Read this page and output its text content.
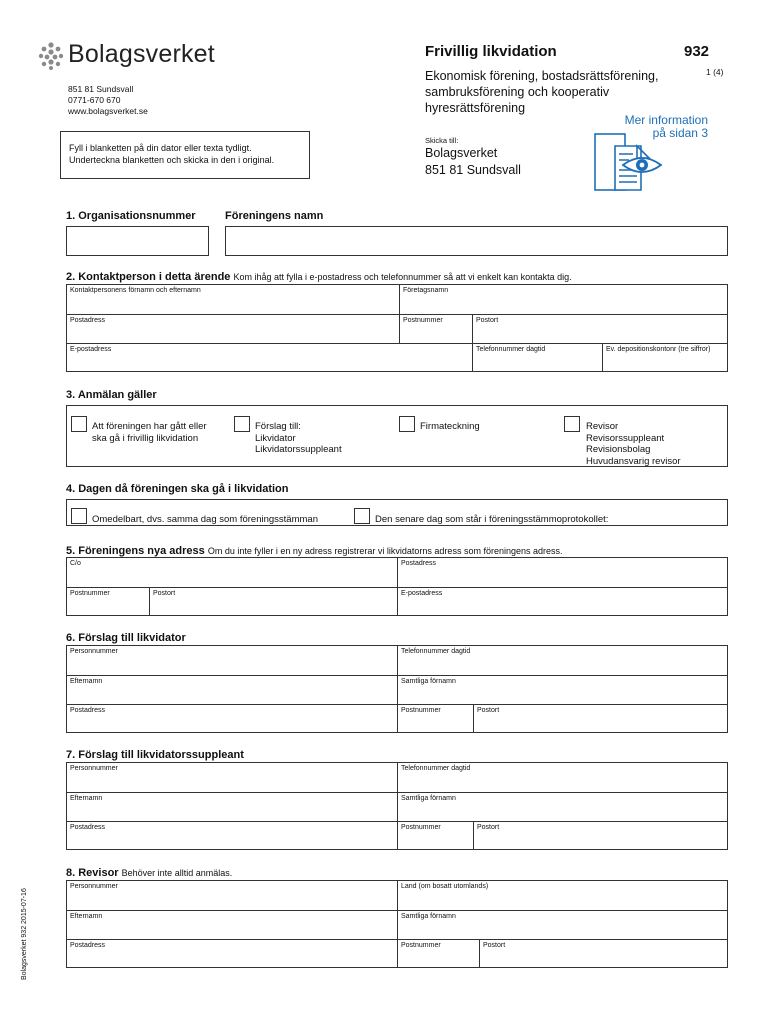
Bolagsverket
851 81 Sundsvall
0771-670 670
www.bolagsverket.se
Fyll i blanketten på din dator eller texta tydligt.
Underteckna blanketten och skicka in den i original.
Frivillig likvidation	932
1 (4)
Ekonomisk förening, bostadsrättsförening,
sambruksförening och kooperativ
hyresrättsförening
Skicka till:
Bolagsverket
851 81 Sundsvall
Mer information
på sidan 3
1. Organisationsnummer	Föreningens namn
2. Kontaktperson i detta ärende Kom ihåg att fylla i e-postadress och telefonnummer så att vi enkelt kan kontakta dig.
Kontaktpersonens förnamn och efternamn	Företagsnamn
Postadress	Postnummer	Postort
E-postadress	Telefonnummer dagtid	Ev. depositionskontonr (tre siffror)
3. Anmälan gäller
Att föreningen har gått eller
ska gå i frivillig likvidation
Förslag till:
Likvidator
Likvidatorssuppleant
Firmateckning	Revisor
Revisorssuppleant
Revisionsbolag
Huvudansvarig revisor
4. Dagen då föreningen ska gå i likvidation
Omedelbart, dvs. samma dag som föreningsstämman	Den senare dag som står i föreningsstämmoprotokollet:
5. Föreningens nya adress Om du inte fyller i en ny adress registrerar vi likvidatorns adress som föreningens adress.
C/o	Postadress
Postnummer	Postort	E-postadress
6. Förslag till likvidator
Personnummer	Telefonnummer dagtid
Efternamn	Samtliga förnamn
Postadress	Postnummer	Postort
7. Förslag till likvidatorssuppleant
Personnummer	Telefonnummer dagtid
Efternamn	Samtliga förnamn
Postadress	Postnummer	Postort
8. Revisor Behöver inte alltid anmälas.
Personnummer	Land (om bosatt utomlands)
Efternamn	Samtliga förnamn
Postadress	Postnummer	Postort
Bolagsverket 932 2015-07-16
